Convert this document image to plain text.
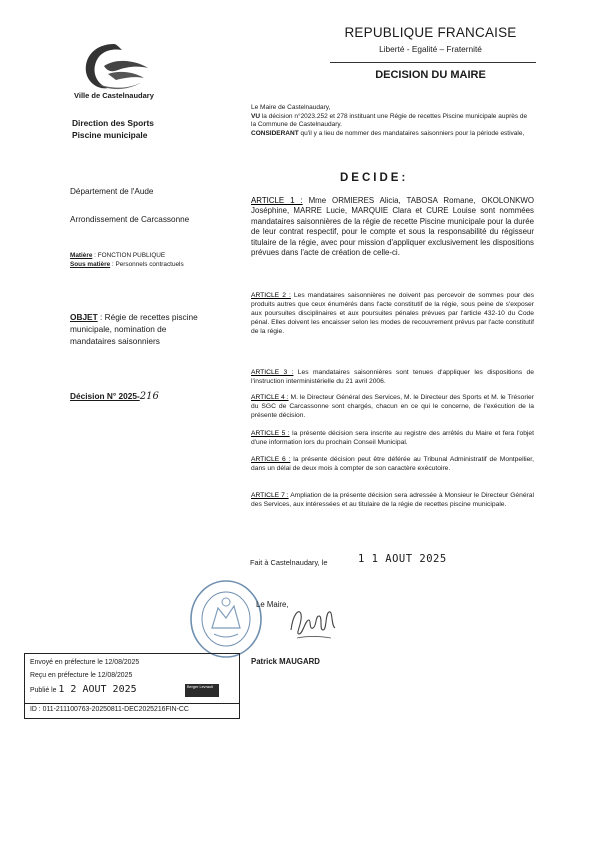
Ville de Castelnaudary
Direction des Sports
Piscine municipale
REPUBLIQUE FRANCAISE
Liberté - Egalité – Fraternité
DECISION DU MAIRE
Département de l'Aude
Arrondissement de Carcassonne
Matière : FONCTION PUBLIQUE
Sous matière : Personnels contractuels
OBJET : Régie de recettes piscine municipale, nomination de mandataires saisonniers
Décision N° 2025-216
Le Maire de Castelnaudary,
VU la décision n°2023.252 et 278 instituant une Régie de recettes Piscine municipale auprès de la Commune de Castelnaudary.
CONSIDERANT qu'il y a lieu de nommer des mandataires saisonniers pour la période estivale,
DECIDE:
ARTICLE 1 : Mme ORMIERES Alicia, TABOSA Romane, OKOLONKWO Joséphine, MARRE Lucie, MARQUIE Clara et CURE Louise sont nommées mandataires saisonnières de la régie de recette Piscine municipale pour la durée de leur contrat respectif, pour le compte et sous la responsabilité du régisseur titulaire de la régie, avec pour mission d'appliquer exclusivement les dispositions prévues dans l'acte de création de celle-ci.
ARTICLE 2 : Les mandataires saisonnières ne doivent pas percevoir de sommes pour des produits autres que ceux énumérés dans l'acte constitutif de la régie, sous peine de s'exposer aux poursuites disciplinaires et aux poursuites pénales prévues par l'article 432-10 du Code pénal. Elles doivent les encaisser selon les modes de recouvrement prévus par l'acte constitutif de la régie.
ARTICLE 3 : Les mandataires saisonnières sont tenues d'appliquer les dispositions de l'instruction interministérielle du 21 avril 2006.
ARTICLE 4 : M. le Directeur Général des Services, M. le Directeur des Sports et M. le Trésorier du SGC de Carcassonne sont chargés, chacun en ce qui le concerne, de l'exécution de la présente décision.
ARTICLE 5 : la présente décision sera inscrite au registre des arrêtés du Maire et fera l'objet d'une information lors du prochain Conseil Municipal.
ARTICLE 6 : la présente décision peut être déférée au Tribunal Administratif de Montpellier, dans un délai de deux mois à compter de son caractère exécutoire.
ARTICLE 7 : Ampliation de la présente décision sera adressée à Monsieur le Directeur Général des Services, aux intéressées et au titulaire de la régie de recettes piscine municipale.
Fait à Castelnaudary, le	1 1 AOUT 2025
Le Maire,
Patrick MAUGARD
Envoyé en préfecture le 12/08/2025
Reçu en préfecture le 12/08/2025
Publié le 1 2 AOUT 2025	Berger Levrault
ID : 011-211100763-20250811-DEC2025216FIN-CC
